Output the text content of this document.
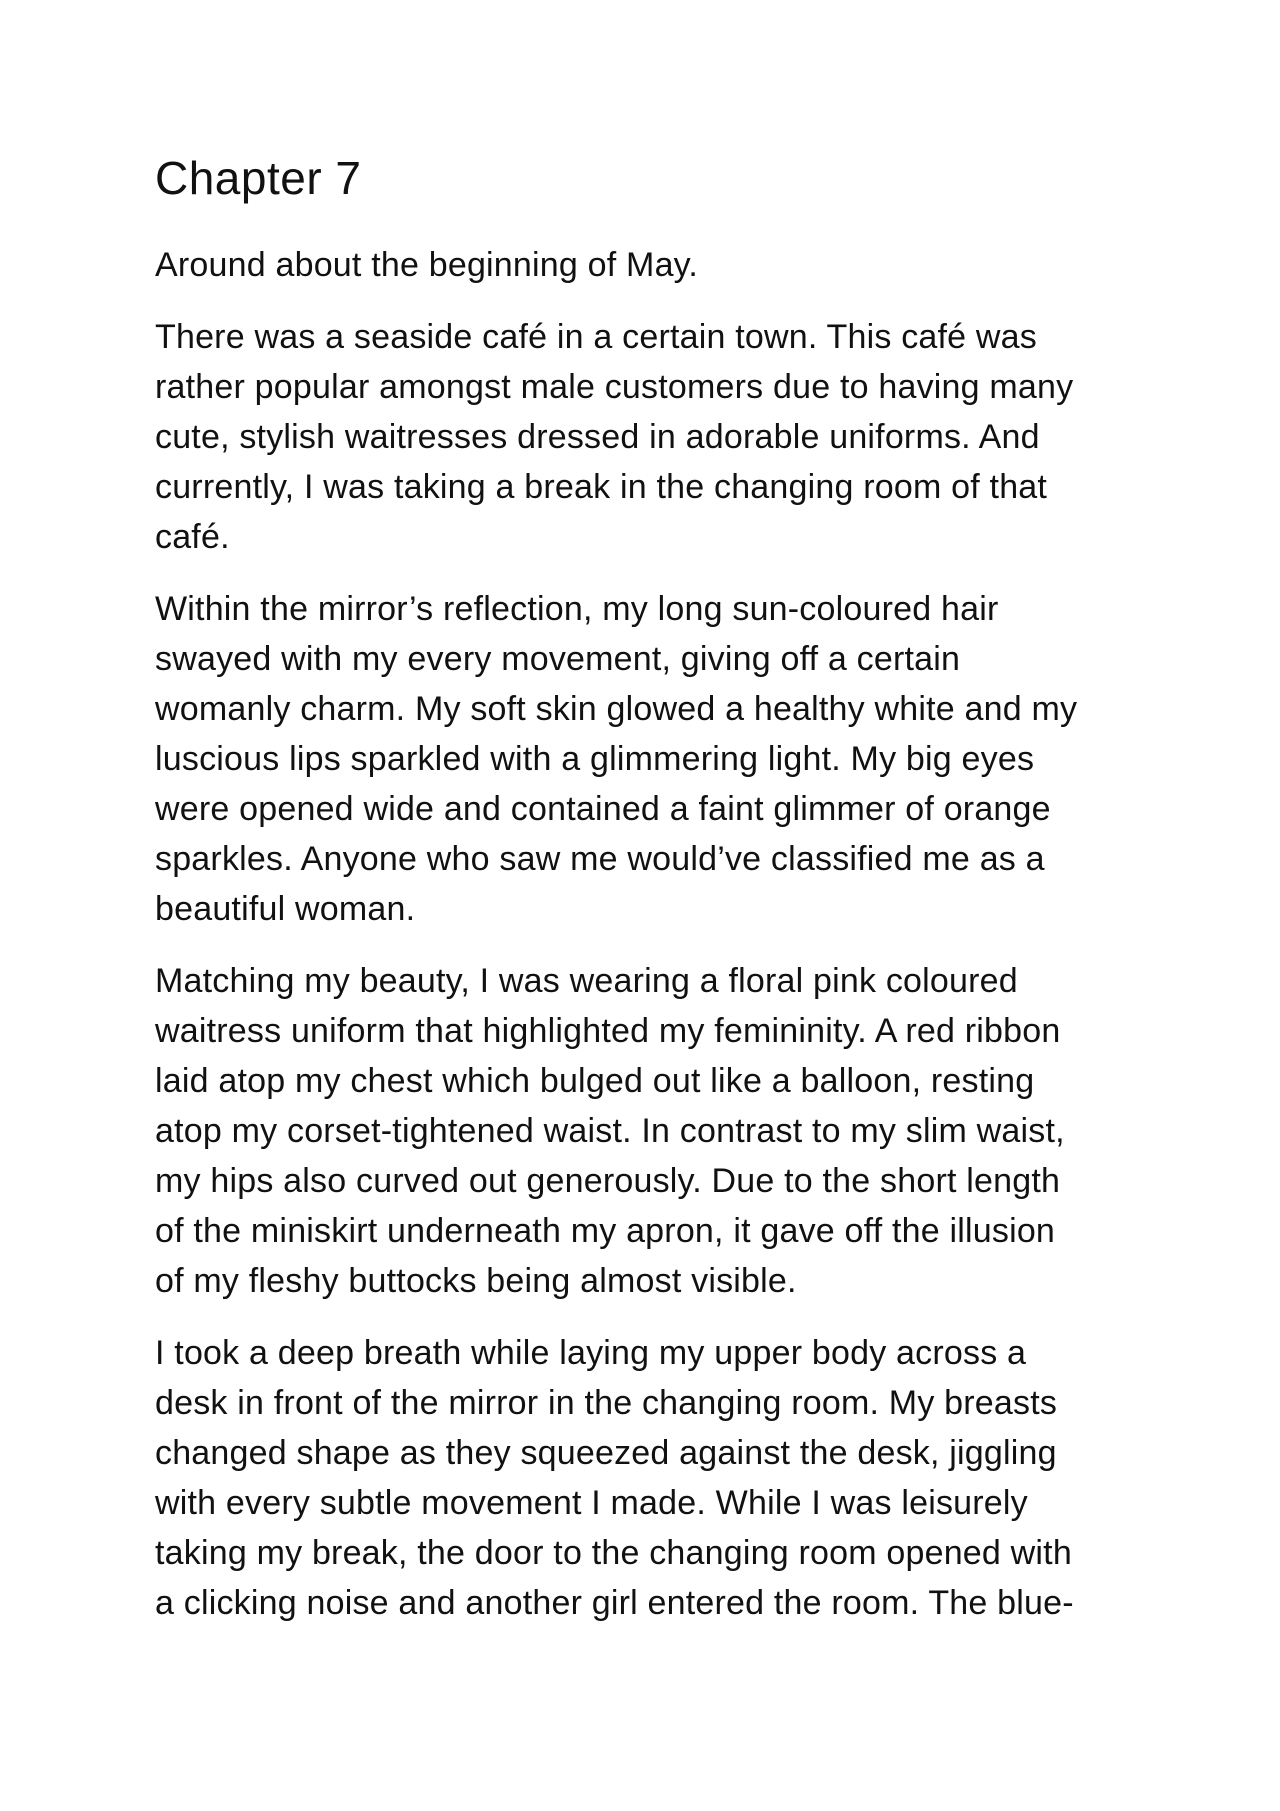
Chapter 7

Around about the beginning of May.

There was a seaside café in a certain town. This café was
rather popular amongst male customers due to having many
cute, stylish waitresses dressed in adorable uniforms. And
currently, I was taking a break in the changing room of that
café.

Within the mirror’s reflection, my long sun-coloured hair
swayed with my every movement, giving off a certain
womanly charm. My soft skin glowed a healthy white and my
luscious lips sparkled with a glimmering light. My big eyes
were opened wide and contained a faint glimmer of orange
sparkles. Anyone who saw me would’ve classified me as a
beautiful woman.

Matching my beauty, I was wearing a floral pink coloured
waitress uniform that highlighted my femininity. A red ribbon
laid atop my chest which bulged out like a balloon, resting
atop my corset-tightened waist. In contrast to my slim waist,
my hips also curved out generously. Due to the short length
of the miniskirt underneath my apron, it gave off the illusion
of my fleshy buttocks being almost visible.

I took a deep breath while laying my upper body across a
desk in front of the mirror in the changing room. My breasts
changed shape as they squeezed against the desk, jiggling
with every subtle movement I made. While I was leisurely
taking my break, the door to the changing room opened with
a clicking noise and another girl entered the room. The blue-
